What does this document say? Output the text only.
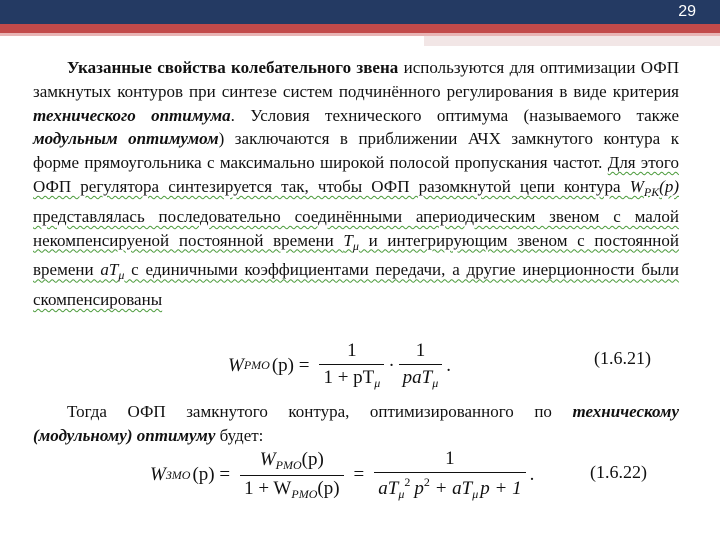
29
Указанные свойства колебательного звена используются для оптимизации ОФП замкнутых контуров при синтезе систем подчинённого регулирования в виде критерия технического оптимума. Условия технического оптимума (называемого также модульным оптимумом) заключаются в приближении АЧХ замкнутого контура к форме прямоугольника с максимально широкой полосой пропускания частот. Для этого ОФП регулятора синтезируется так, чтобы ОФП разомкнутой цепи контура $W_{РК}(p)$ представлялась последовательно соединёнными апериодическим звеном с малой некомпенсируеной постоянной времени $T_\mu$ и интегрирующим звеном с постоянной времени $aT_\mu$ с единичными коэффициентами передачи, а другие инерционности были скомпенсированы
W PMO $(p) = \frac{1}{1 + pT_\mu} \cdot \frac{1}{paT_\mu}$ .	(1.6.21)
Тогда ОФП замкнутого контура, оптимизированного по техническому (модульному) оптимуму будет:
W ЗМО $(p) = \frac{W_{PMO}(p)}{1 + W_{PMO}(p)} = \frac{1}{aT_\mu^2 p^2 + aT_\mu p + 1}$ .	(1.6.22)
